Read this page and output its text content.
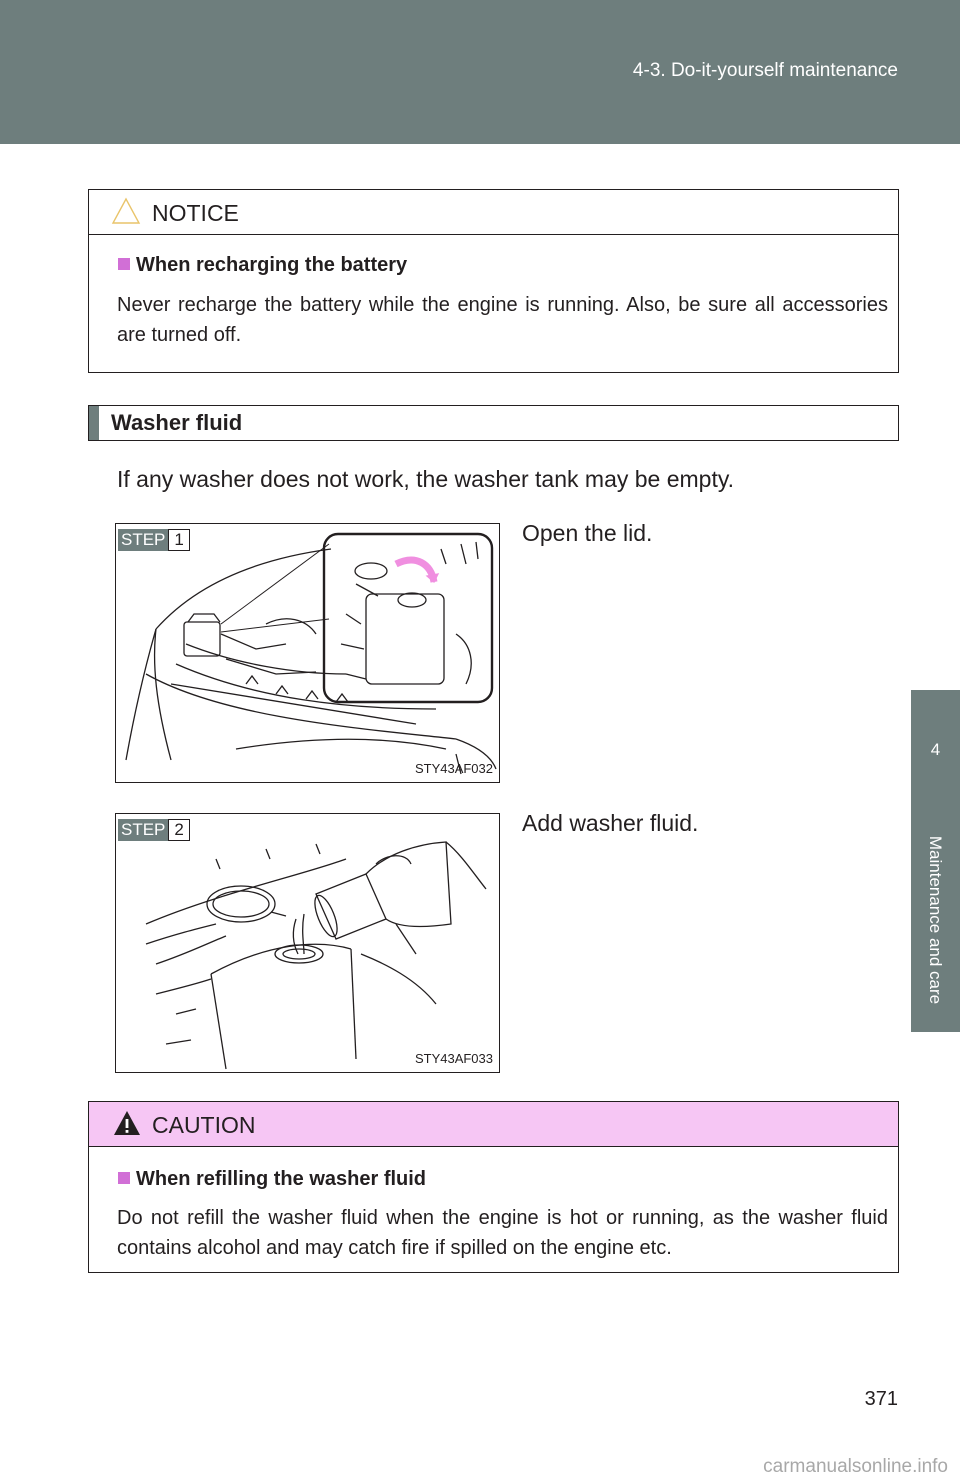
4-3. Do-it-yourself maintenance
4
Maintenance and care
NOTICE
When recharging the battery
Never recharge the battery while the engine is running. Also, be sure all accessories are turned off.
Washer fluid
If any washer does not work, the washer tank may be empty.
STEP 1
STY43AF032
Open the lid.
STEP 2
STY43AF033
Add washer fluid.
CAUTION
When refilling the washer fluid
Do not refill the washer fluid when the engine is hot or running, as the washer fluid contains alcohol and may catch fire if spilled on the engine etc.
371
carmanualsonline.info
